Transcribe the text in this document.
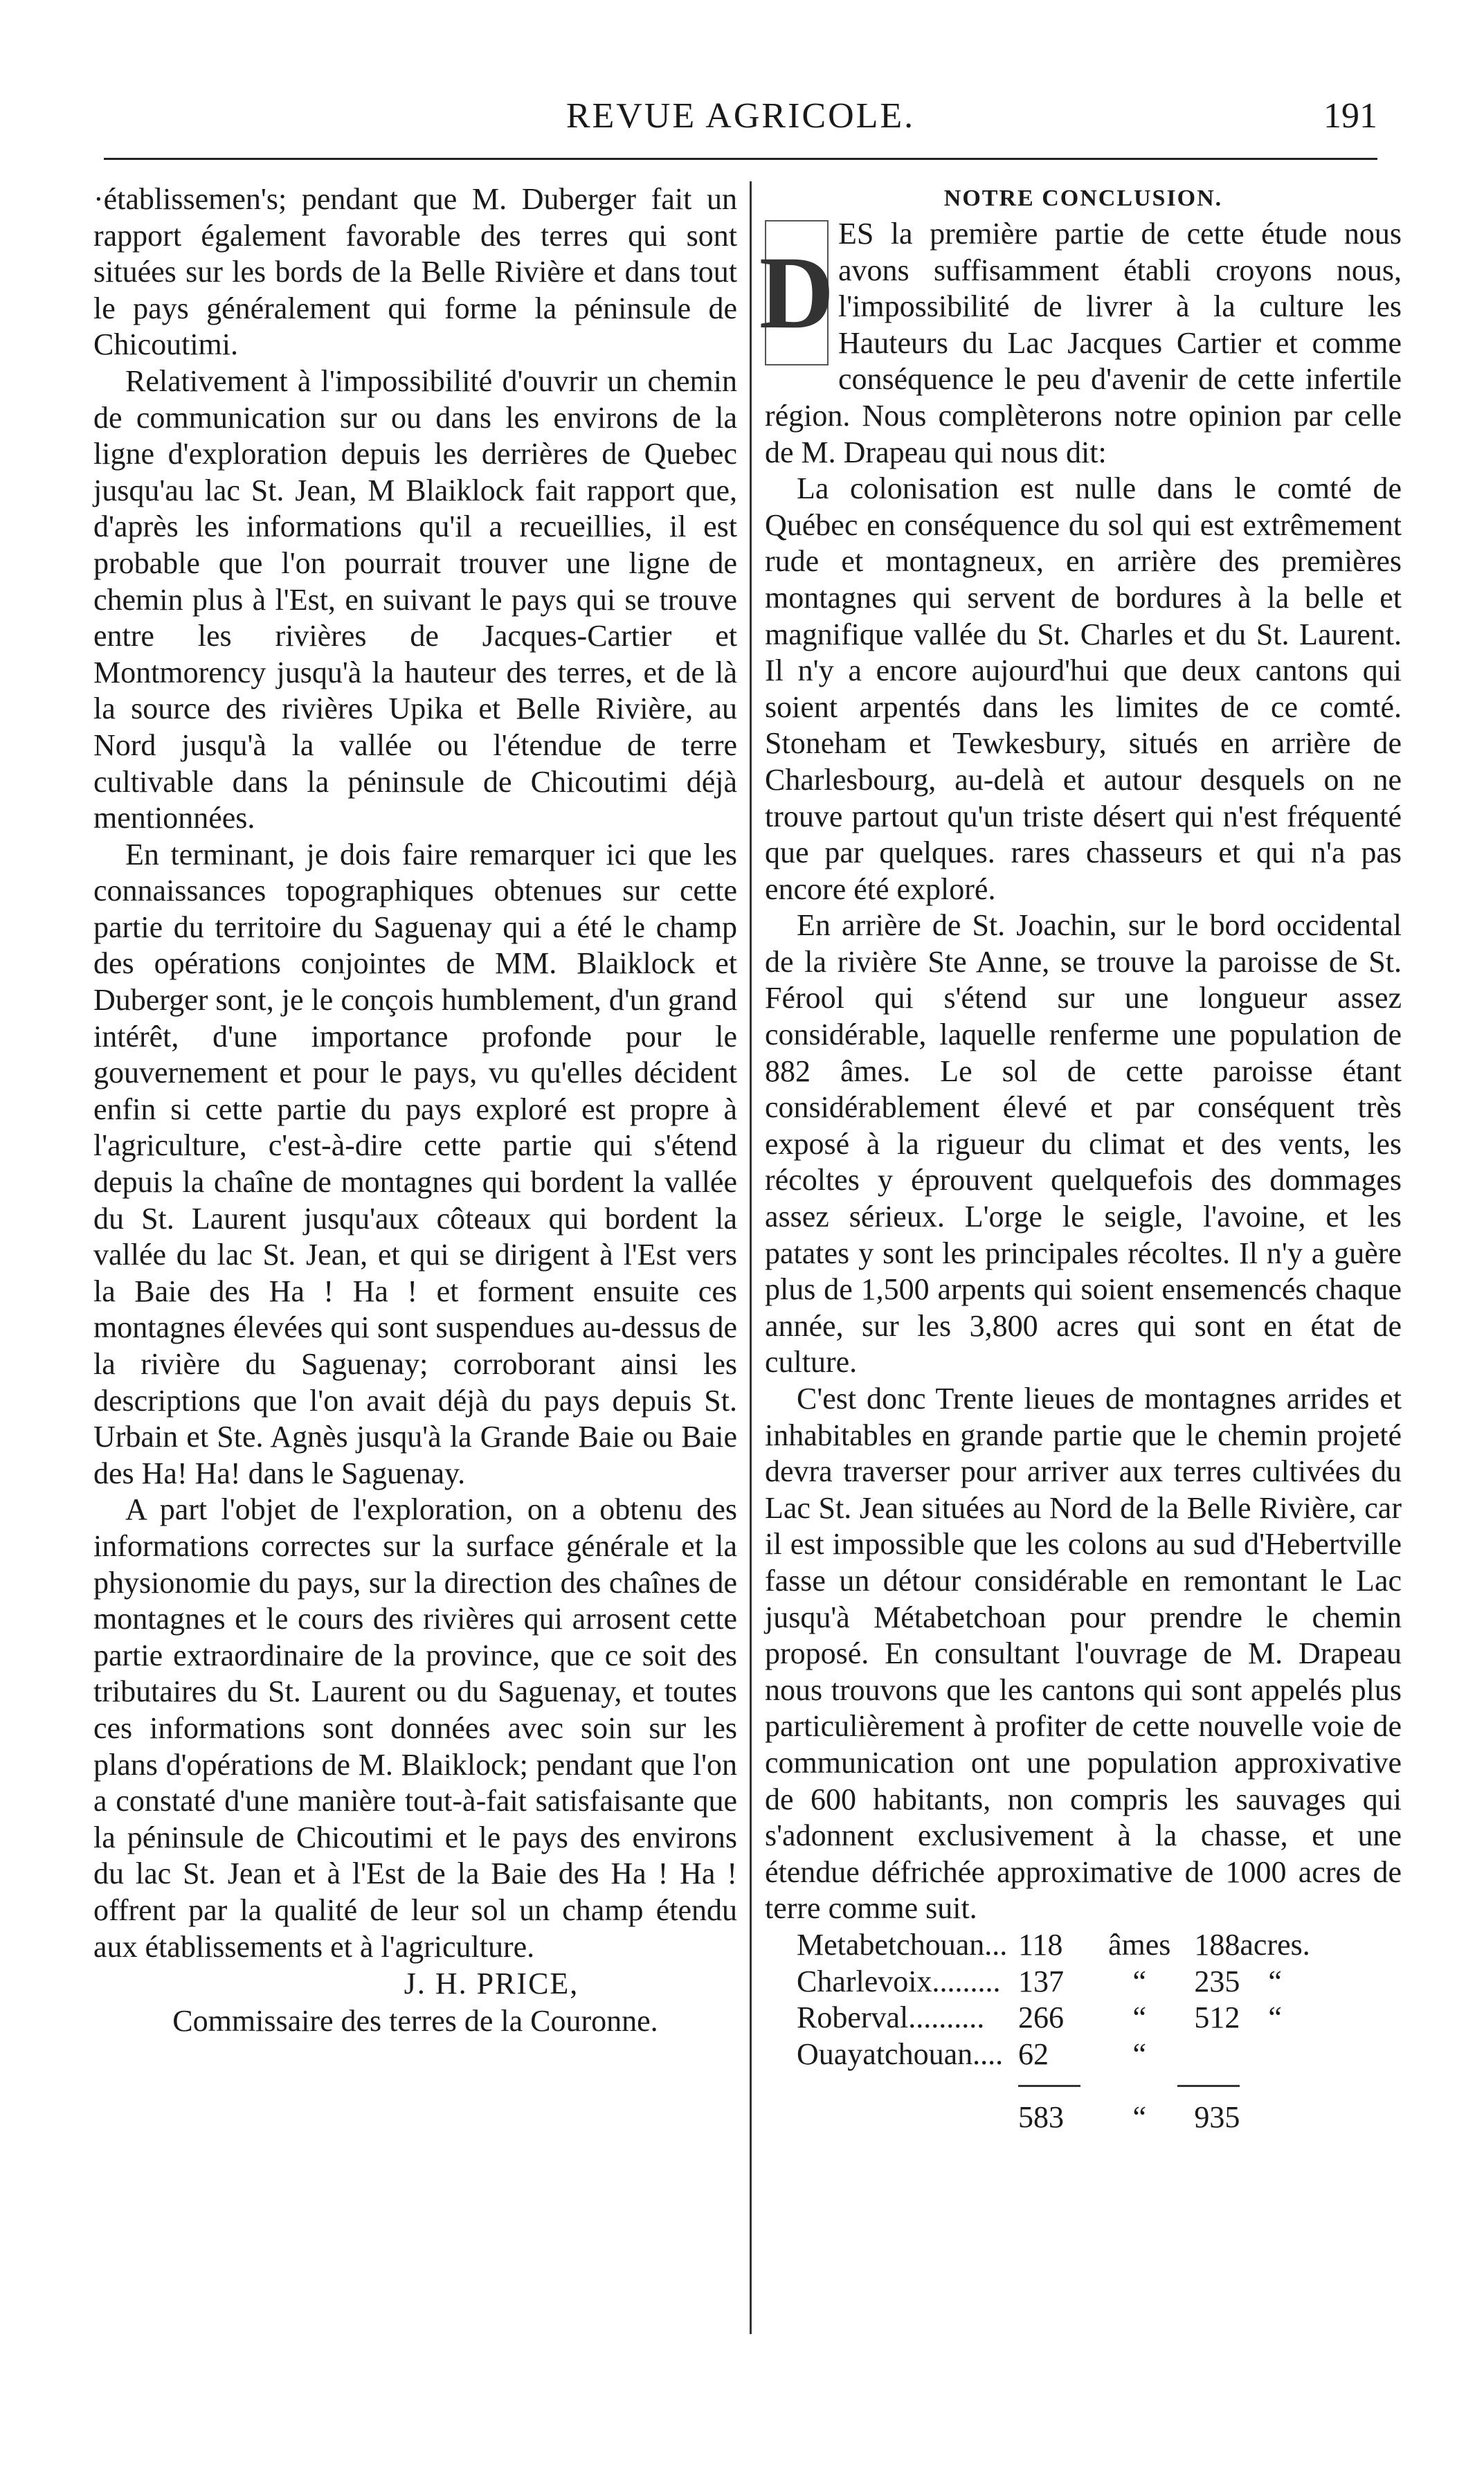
REVUE AGRICOLE.	191

·établissemen's; pendant que M. Duberger fait un rapport également favorable des terres qui sont situées sur les bords de la Belle Rivière et dans tout le pays généralement qui forme la péninsule de Chicoutimi.

Relativement à l'impossibilité d'ouvrir un chemin de communication sur ou dans les environs de la ligne d'exploration depuis les derrières de Quebec jusqu'au lac St. Jean, M Blaiklock fait rapport que, d'après les informations qu'il a recueillies, il est probable que l'on pourrait trouver une ligne de chemin plus à l'Est, en suivant le pays qui se trouve entre les rivières de Jacques-Cartier et Montmorency jusqu'à la hauteur des terres, et de là la source des rivières Upika et Belle Rivière, au Nord jusqu'à la vallée ou l'étendue de terre cultivable dans la péninsule de Chicoutimi déjà mentionnées.

En terminant, je dois faire remarquer ici que les connaissances topographiques obtenues sur cette partie du territoire du Saguenay qui a été le champ des opérations conjointes de MM. Blaiklock et Duberger sont, je le conçois humblement, d'un grand intérêt, d'une importance profonde pour le gouvernement et pour le pays, vu qu'elles décident enfin si cette partie du pays exploré est propre à l'agriculture, c'est-à-dire cette partie qui s'étend depuis la chaîne de montagnes qui bordent la vallée du St. Laurent jusqu'aux côteaux qui bordent la vallée du lac St. Jean, et qui se dirigent à l'Est vers la Baie des Ha ! Ha ! et forment ensuite ces montagnes élevées qui sont suspendues au-dessus de la rivière du Saguenay; corroborant ainsi les descriptions que l'on avait déjà du pays depuis St. Urbain et Ste. Agnès jusqu'à la Grande Baie ou Baie des Ha! Ha! dans le Saguenay.

A part l'objet de l'exploration, on a obtenu des informations correctes sur la surface générale et la physionomie du pays, sur la direction des chaînes de montagnes et le cours des rivières qui arrosent cette partie extraordinaire de la province, que ce soit des tributaires du St. Laurent ou du Saguenay, et toutes ces informations sont données avec soin sur les plans d'opérations de M. Blaiklock; pendant que l'on a constaté d'une manière tout-à-fait satisfaisante que la péninsule de Chicoutimi et le pays des environs du lac St. Jean et à l'Est de la Baie des Ha ! Ha ! offrent par la qualité de leur sol un champ étendu aux établissements et à l'agriculture.

J. H. PRICE,
Commissaire des terres de la Couronne.
NOTRE CONCLUSION.

D
ES la première partie de cette étude nous avons suffisamment établi croyons nous, l'impossibilité de livrer à la culture les Hauteurs du Lac Jacques Cartier et comme conséquence le peu d'avenir de cette infertile région. Nous complèterons notre opinion par celle de M. Drapeau qui nous dit:

La colonisation est nulle dans le comté de Québec en conséquence du sol qui est extrêmement rude et montagneux, en arrière des premières montagnes qui servent de bordures à la belle et magnifique vallée du St. Charles et du St. Laurent. Il n'y a encore aujourd'hui que deux cantons qui soient arpentés dans les limites de ce comté. Stoneham et Tewkesbury, situés en arrière de Charlesbourg, au-delà et autour desquels on ne trouve partout qu'un triste désert qui n'est fréquenté que par quelques. rares chasseurs et qui n'a pas encore été exploré.

En arrière de St. Joachin, sur le bord occidental de la rivière Ste Anne, se trouve la paroisse de St. Férool qui s'étend sur une longueur assez considérable, laquelle renferme une population de 882 âmes. Le sol de cette paroisse étant considérablement élevé et par conséquent très exposé à la rigueur du climat et des vents, les récoltes y éprouvent quelquefois des dommages assez sérieux. L'orge le seigle, l'avoine, et les patates y sont les principales récoltes. Il n'y a guère plus de 1,500 arpents qui soient ensemencés chaque année, sur les 3,800 acres qui sont en état de culture.

C'est donc Trente lieues de montagnes arrides et inhabitables en grande partie que le chemin projeté devra traverser pour arriver aux terres cultivées du Lac St. Jean situées au Nord de la Belle Rivière, car il est impossible que les colons au sud d'Hebertville fasse un détour considérable en remontant le Lac jusqu'à Métabetchoan pour prendre le chemin proposé. En consultant l'ouvrage de M. Drapeau nous trouvons que les cantons qui sont appelés plus particulièrement à profiter de cette nouvelle voie de communication ont une population approxivative de 600 habitants, non compris les sauvages qui s'adonnent exclusivement à la chasse, et une étendue défrichée approximative de 1000 acres de terre comme suit.

Metabetchouan...	118	âmes	188	acres.
Charlevoix.........	137	“	235	“
Roberval..........	266	“	512	“
Ouayatchouan....	62	“		

	583	“	935	
